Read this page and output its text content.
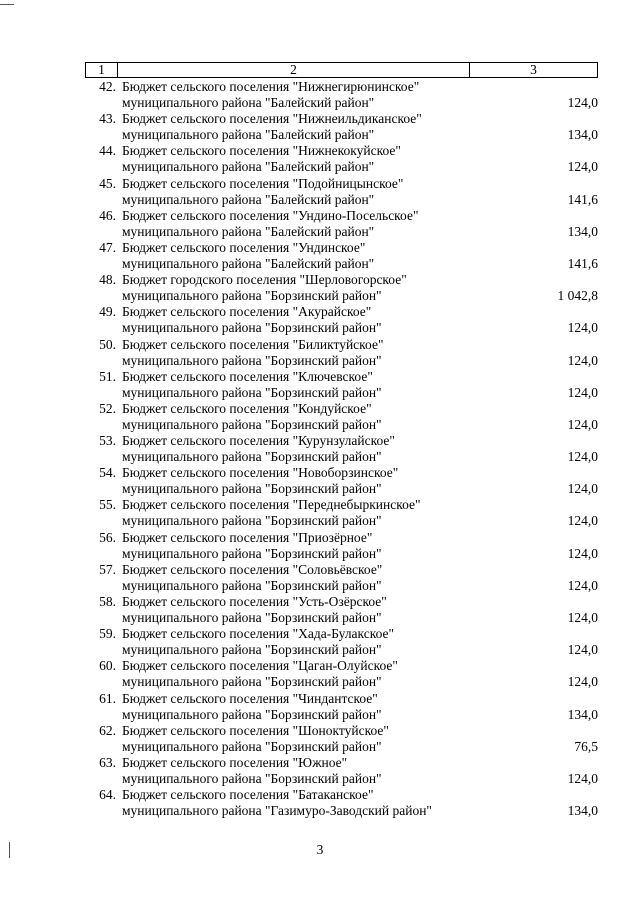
1	2	3
42. Бюджет сельского поселения "Нижнегирюнинское"
муниципального района "Балейский район"	124,0
43. Бюджет сельского поселения "Нижнеильдиканское"
муниципального района "Балейский район"	134,0
44. Бюджет сельского поселения "Нижнекокуйское"
муниципального района "Балейский район"	124,0
45. Бюджет сельского поселения "Подойницынское"
муниципального района "Балейский район"	141,6
46. Бюджет сельского поселения "Ундино-Посельское"
муниципального района "Балейский район"	134,0
47. Бюджет сельского поселения "Ундинское"
муниципального района "Балейский район"	141,6
48. Бюджет городского поселения "Шерловогорское"
муниципального района "Борзинский район"	1 042,8
49. Бюджет сельского поселения "Акурайское"
муниципального района "Борзинский район"	124,0
50. Бюджет сельского поселения "Биликтуйское"
муниципального района "Борзинский район"	124,0
51. Бюджет сельского поселения "Ключевское"
муниципального района "Борзинский район"	124,0
52. Бюджет сельского поселения "Кондуйское"
муниципального района "Борзинский район"	124,0
53. Бюджет сельского поселения "Курунзулайское"
муниципального района "Борзинский район"	124,0
54. Бюджет сельского поселения "Новоборзинское"
муниципального района "Борзинский район"	124,0
55. Бюджет сельского поселения "Переднебыркинское"
муниципального района "Борзинский район"	124,0
56. Бюджет сельского поселения "Приозёрное"
муниципального района "Борзинский район"	124,0
57. Бюджет сельского поселения "Соловьёвское"
муниципального района "Борзинский район"	124,0
58. Бюджет сельского поселения "Усть-Озёрское"
муниципального района "Борзинский район"	124,0
59. Бюджет сельского поселения "Хада-Булакское"
муниципального района "Борзинский район"	124,0
60. Бюджет сельского поселения "Цаган-Олуйское"
муниципального района "Борзинский район"	124,0
61. Бюджет сельского поселения "Чиндантское"
муниципального района "Борзинский район"	134,0
62. Бюджет сельского поселения "Шоноктуйское"
муниципального района "Борзинский район"	76,5
63. Бюджет сельского поселения "Южное"
муниципального района "Борзинский район"	124,0
64. Бюджет сельского поселения "Батаканское"
муниципального района "Газимуро-Заводский район"	134,0
3
